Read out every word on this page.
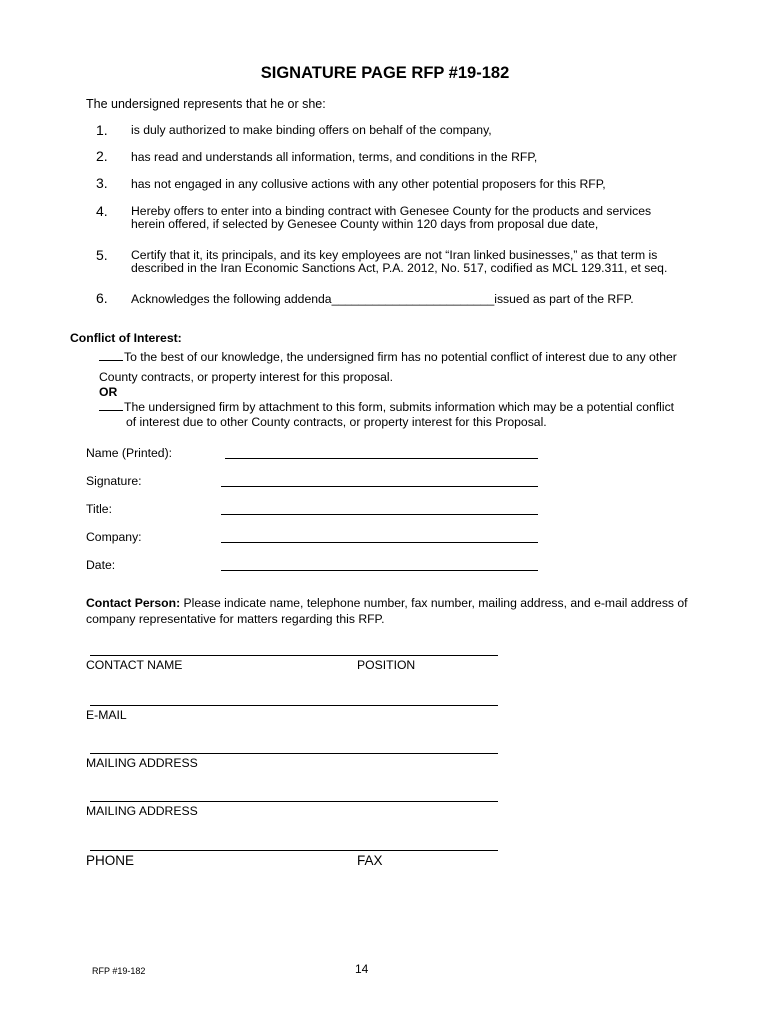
SIGNATURE PAGE RFP #19-182
The undersigned represents that he or she:
1. is duly authorized to make binding offers on behalf of the company,
2. has read and understands all information, terms, and conditions in the RFP,
3. has not engaged in any collusive actions with any other potential proposers for this RFP,
4. Hereby offers to enter into a binding contract with Genesee County for the products and services
herein offered, if selected by Genesee County within 120 days from proposal due date,
5. Certify that it, its principals, and its key employees are not “Iran linked businesses,” as that term is
described in the Iran Economic Sanctions Act, P.A. 2012, No. 517, codified as MCL 129.311, et seq.
6. Acknowledges the following addenda________________________issued as part of the RFP.
Conflict of Interest:
To the best of our knowledge, the undersigned firm has no potential conflict of interest due to any other
County contracts, or property interest for this proposal.
OR
The undersigned firm by attachment to this form, submits information which may be a potential conflict
of interest due to other County contracts, or property interest for this Proposal.
Name (Printed):
Signature:
Title:
Company:
Date:
Contact Person: Please indicate name, telephone number, fax number, mailing address, and e-mail address of company representative for matters regarding this RFP.
CONTACT NAME	POSITION
E-MAIL
MAILING ADDRESS
MAILING ADDRESS
PHONE	FAX
RFP #19-182	14
